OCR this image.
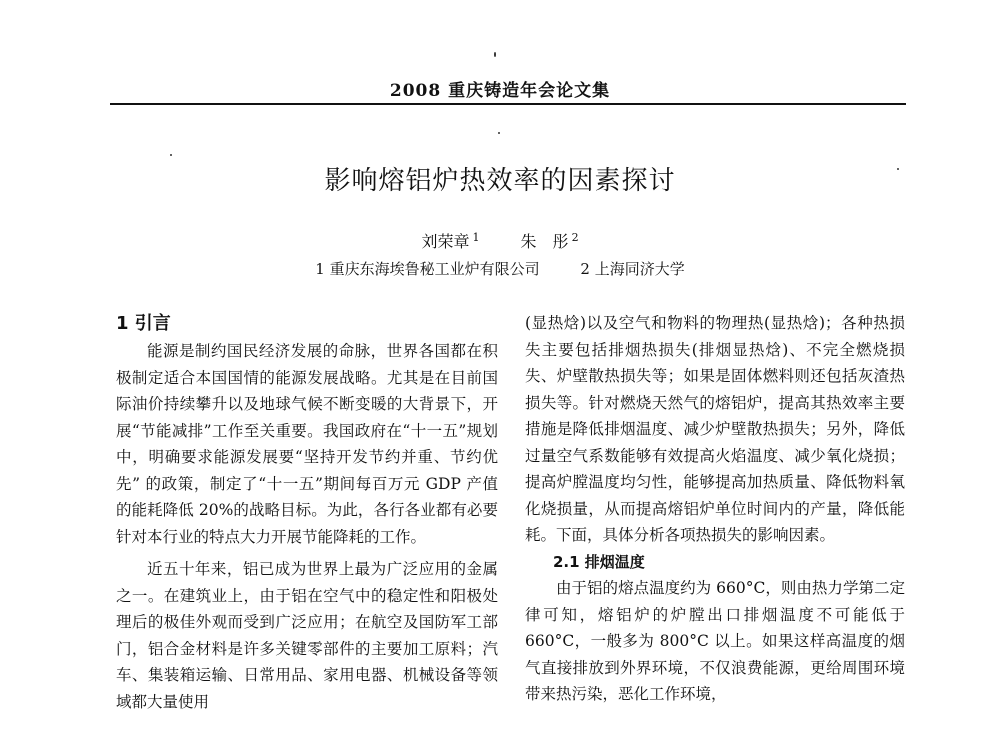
2008 重庆铸造年会论文集
影响熔铝炉热效率的因素探讨
刘荣章 $^1$	朱　彤 $^2$
1 重庆东海埃鲁秘工业炉有限公司	2 上海同济大学
1 引言

能源是制约国民经济发展的命脉，世界各国都在积极制定适合本国国情的能源发展战略。尤其是在目前国际油价持续攀升以及地球气候不断变暖的大背景下，开展“节能减排”工作至关重要。我国政府在“十一五”规划中，明确要求能源发展要“坚持开发节约并重、节约优先” 的政策，制定了“十一五”期间每百万元 GDP 产值的能耗降低 20%的战略目标。为此，各行各业都有必要针对本行业的特点大力开展节能降耗的工作。

近五十年来，铝已成为世界上最为广泛应用的金属之一。在建筑业上，由于铝在空气中的稳定性和阳极处理后的极佳外观而受到广泛应用；在航空及国防军工部门，铝合金材料是许多关键零部件的主要加工原料；汽车、集装箱运输、日常用品、家用电器、机械设备等领域都大量使用

(显热焓)以及空气和物料的物理热(显热焓)；各种热损失主要包括排烟热损失(排烟显热焓)、不完全燃烧损失、炉壁散热损失等；如果是固体燃料则还包括灰渣热损失等。针对燃烧天然气的熔铝炉，提高其热效率主要措施是降低排烟温度、减少炉壁散热损失；另外，降低过量空气系数能够有效提高火焰温度、减少氧化烧损；提高炉膛温度均匀性，能够提高加热质量、降低物料氧化烧损量，从而提高熔铝炉单位时间内的产量，降低能耗。下面，具体分析各项热损失的影响因素。

2.1 排烟温度

由于铝的熔点温度约为 660°C，则由热力学第二定律可知，熔铝炉的炉膛出口排烟温度不可能低于 660°C，一般多为 800°C 以上。如果这样高温度的烟气直接排放到外界环境，不仅浪费能源，更给周围环境带来热污染，恶化工作环境，
